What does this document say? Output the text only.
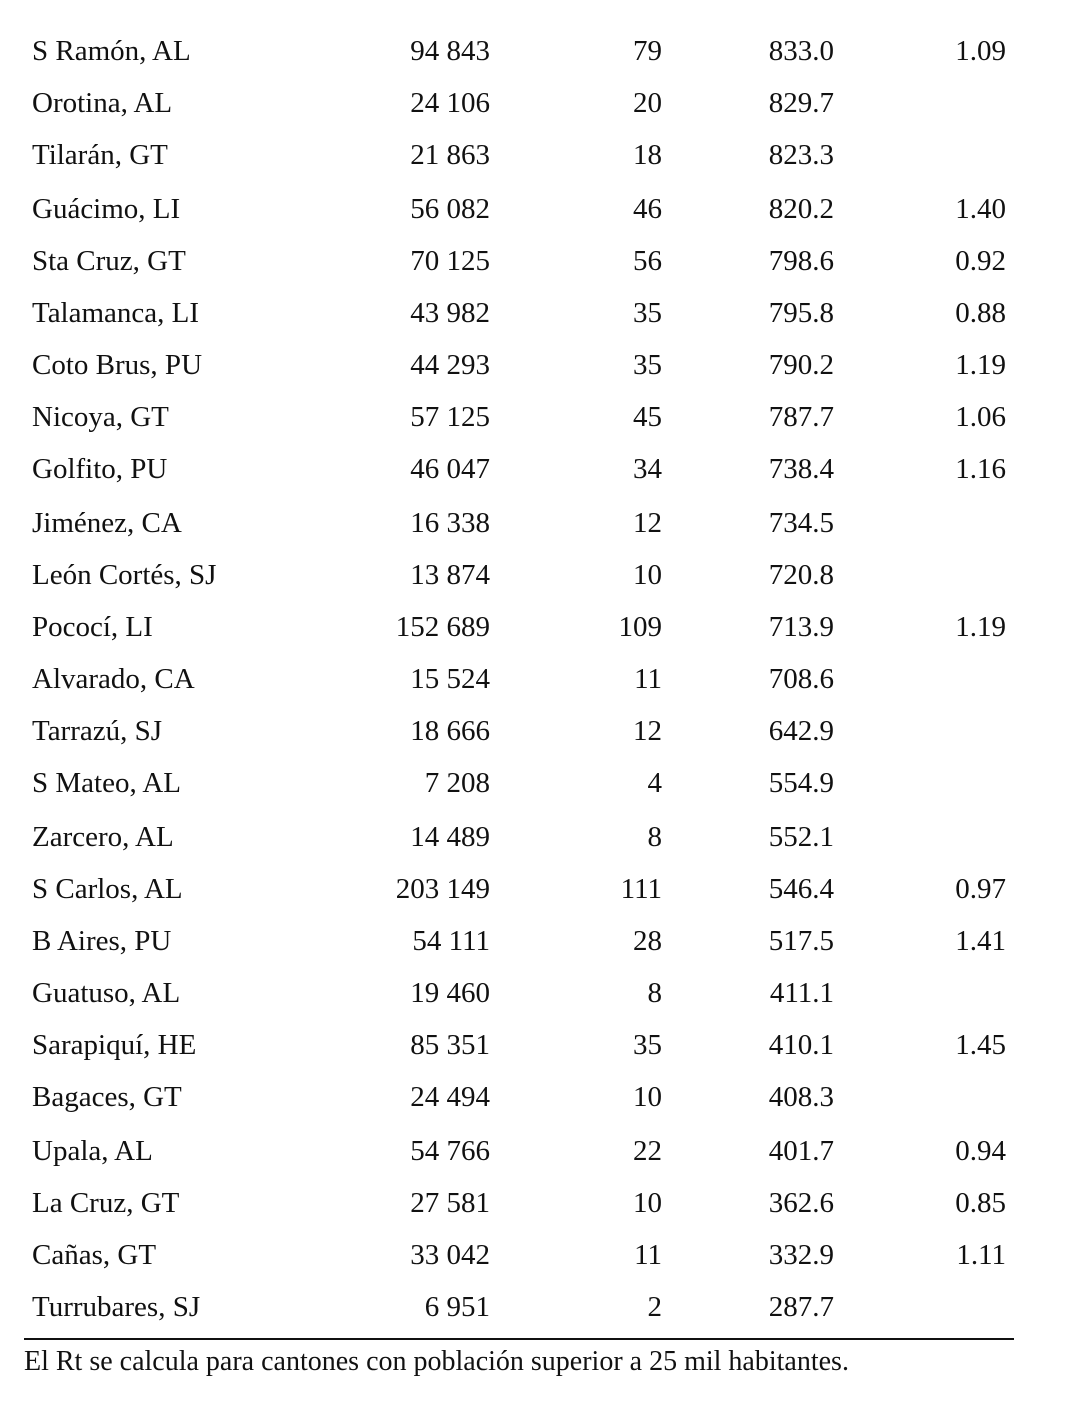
S Ramón, AL	94 843	79	833.0	1.09
Orotina, AL	24 106	20	829.7
Tilarán, GT	21 863	18	823.3
Guácimo, LI	56 082	46	820.2	1.40
Sta Cruz, GT	70 125	56	798.6	0.92
Talamanca, LI	43 982	35	795.8	0.88
Coto Brus, PU	44 293	35	790.2	1.19
Nicoya, GT	57 125	45	787.7	1.06
Golfito, PU	46 047	34	738.4	1.16
Jiménez, CA	16 338	12	734.5
León Cortés, SJ	13 874	10	720.8
Pococí, LI	152 689	109	713.9	1.19
Alvarado, CA	15 524	11	708.6
Tarrazú, SJ	18 666	12	642.9
S Mateo, AL	7 208	4	554.9
Zarcero, AL	14 489	8	552.1
S Carlos, AL	203 149	111	546.4	0.97
B Aires, PU	54 111	28	517.5	1.41
Guatuso, AL	19 460	8	411.1
Sarapiquí, HE	85 351	35	410.1	1.45
Bagaces, GT	24 494	10	408.3
Upala, AL	54 766	22	401.7	0.94
La Cruz, GT	27 581	10	362.6	0.85
Cañas, GT	33 042	11	332.9	1.11
Turrubares, SJ	6 951	2	287.7
El Rt se calcula para cantones con población superior a 25 mil habitantes.
